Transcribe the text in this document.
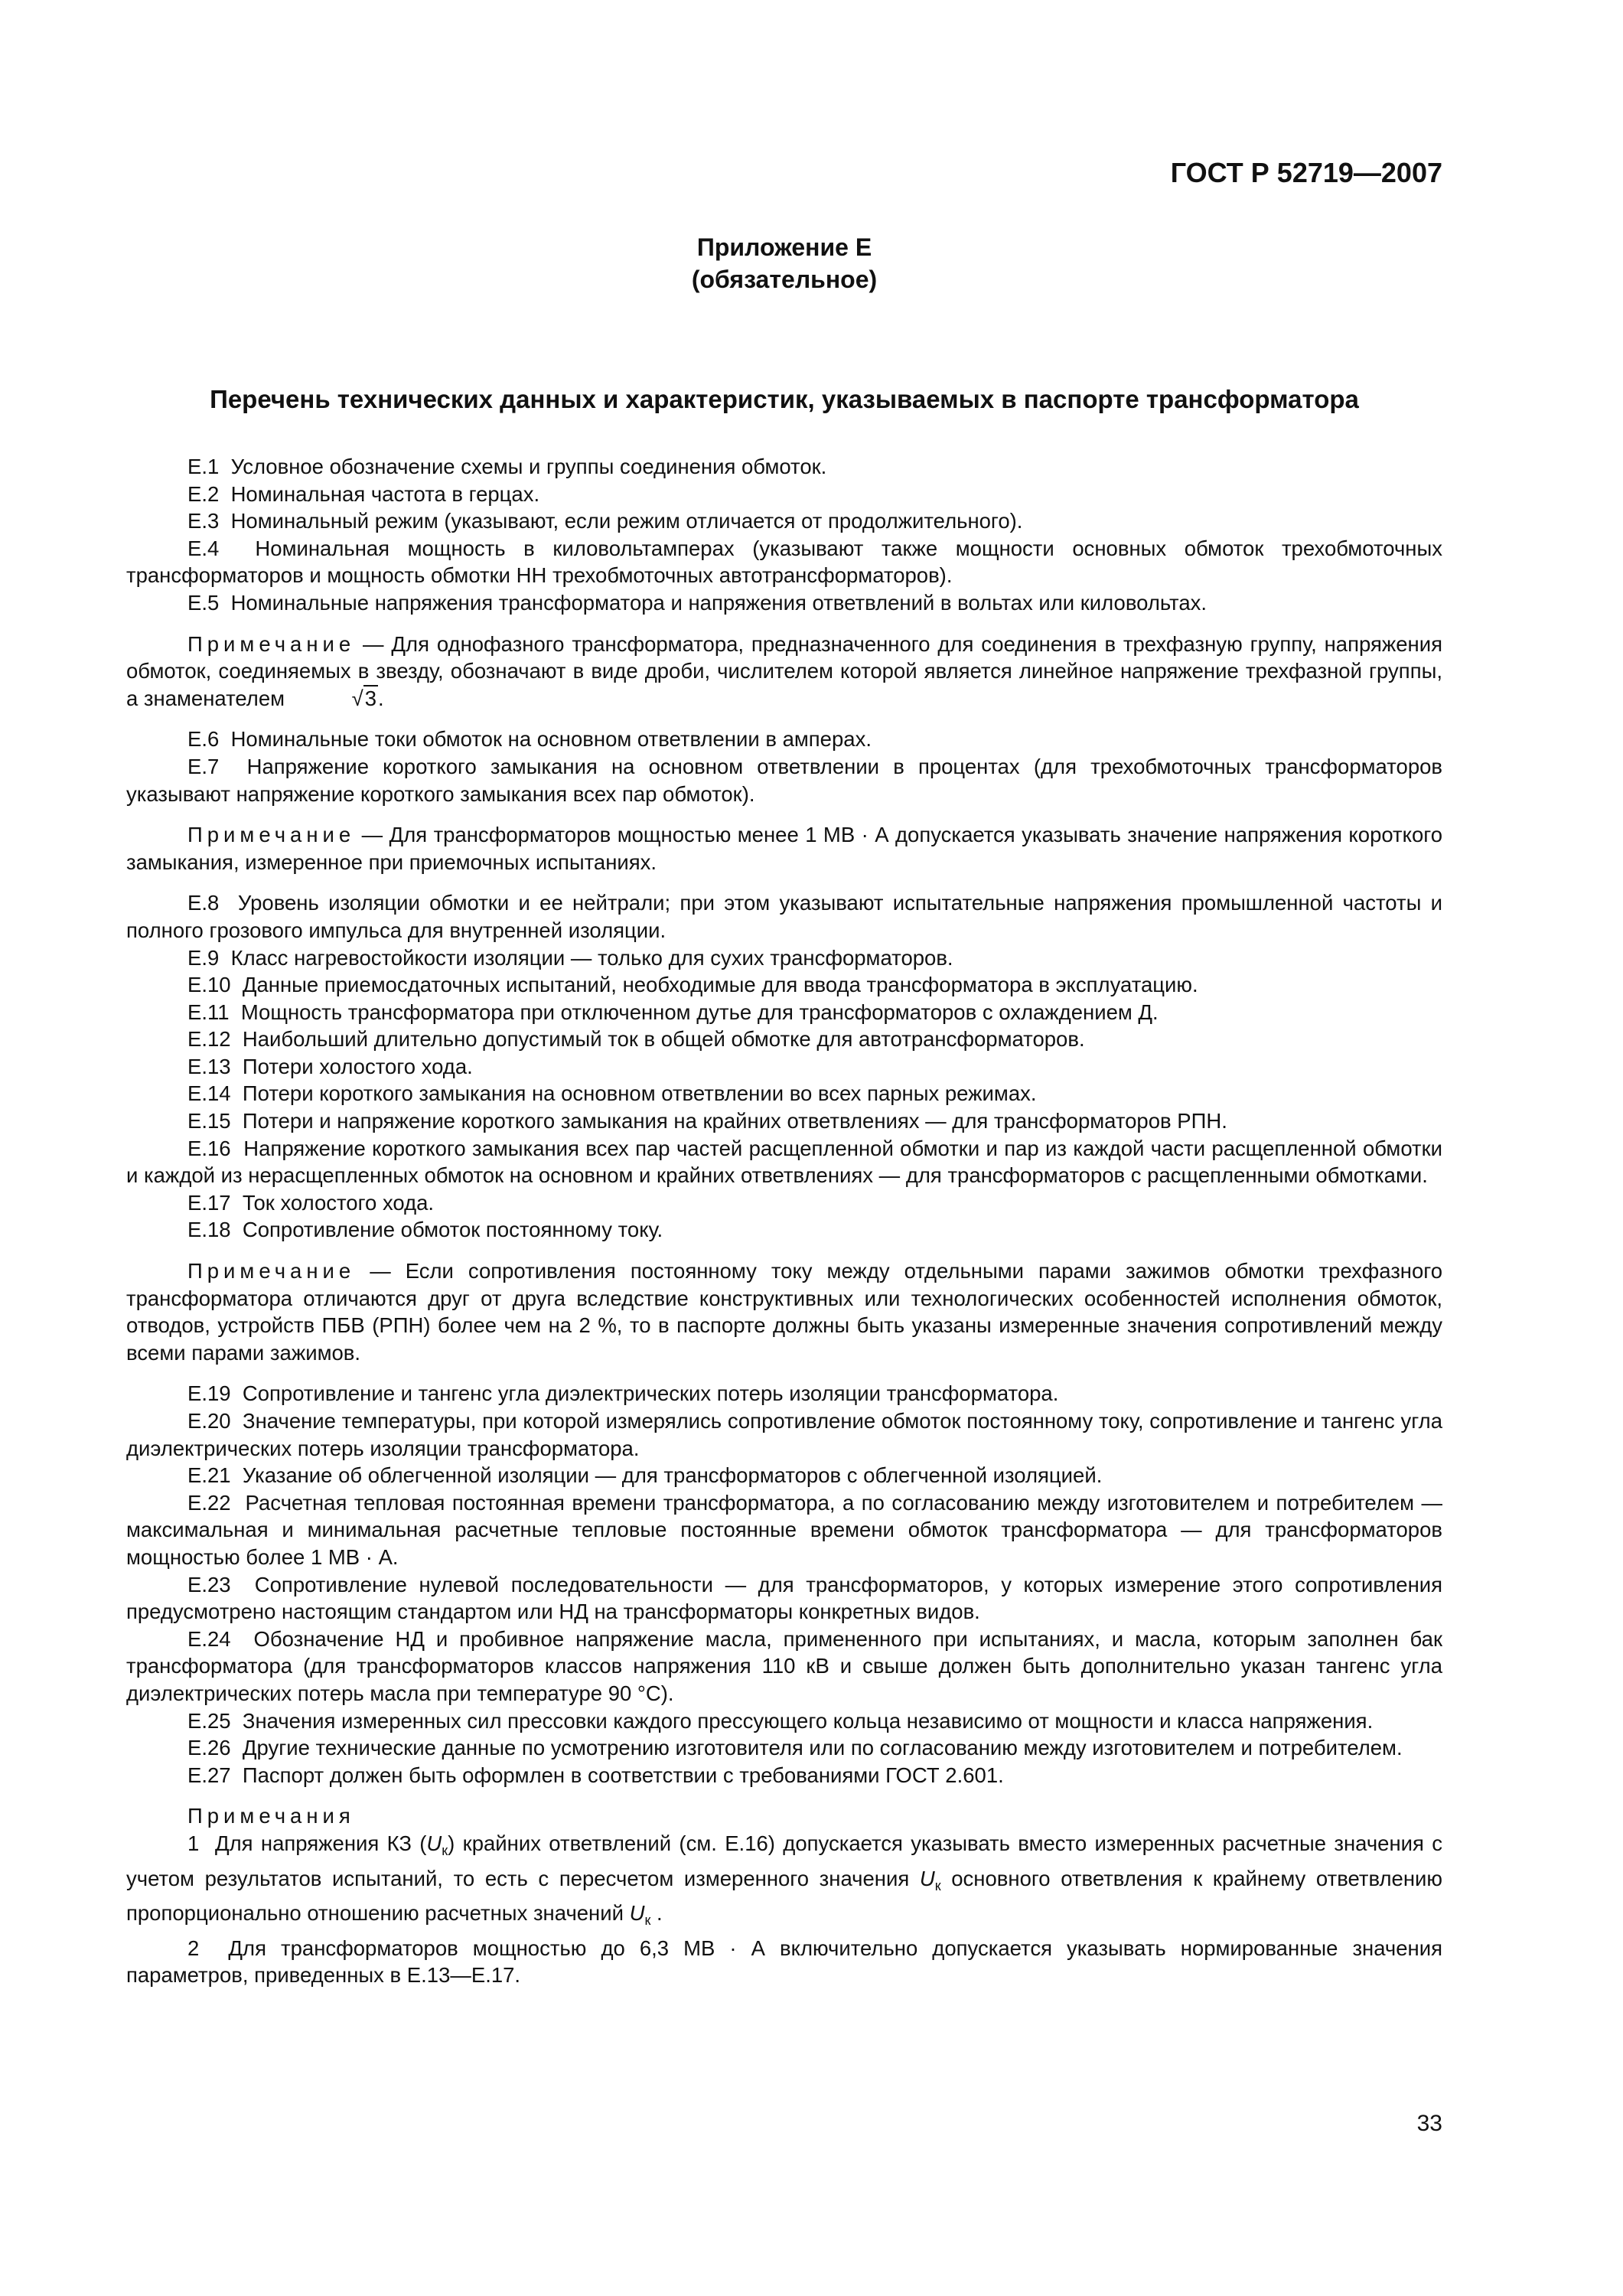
ГОСТ Р 52719—2007
Приложение Е
(обязательное)
Перечень технических данных и характеристик, указываемых в паспорте трансформатора

Е.1 Условное обозначение схемы и группы соединения обмоток.

Е.2 Номинальная частота в герцах.

Е.3 Номинальный режим (указывают, если режим отличается от продолжительного).

Е.4 Номинальная мощность в киловольтамперах (указывают также мощности основных обмоток трехобмоточных трансформаторов и мощность обмотки НН трехобмоточных автотрансформаторов).

Е.5 Номинальные напряжения трансформатора и напряжения ответвлений в вольтах или киловольтах.

Примечание — Для однофазного трансформатора, предназначенного для соединения в трехфазную группу, напряжения обмоток, соединяемых в звезду, обозначают в виде дроби, числителем которой является линейное напряжение трехфазной группы, а знаменателем	√3.

Е.6 Номинальные токи обмоток на основном ответвлении в амперах.

Е.7 Напряжение короткого замыкания на основном ответвлении в процентах (для трехобмоточных трансформаторов указывают напряжение короткого замыкания всех пар обмоток).

Примечание — Для трансформаторов мощностью менее 1 МВ · А допускается указывать значение напряжения короткого замыкания, измеренное при приемочных испытаниях.

Е.8 Уровень изоляции обмотки и ее нейтрали; при этом указывают испытательные напряжения промышленной частоты и полного грозового импульса для внутренней изоляции.

Е.9 Класс нагревостойкости изоляции — только для сухих трансформаторов.

Е.10 Данные приемосдаточных испытаний, необходимые для ввода трансформатора в эксплуатацию.

Е.11 Мощность трансформатора при отключенном дутье для трансформаторов с охлаждением Д.

Е.12 Наибольший длительно допустимый ток в общей обмотке для автотрансформаторов.

Е.13 Потери холостого хода.

Е.14 Потери короткого замыкания на основном ответвлении во всех парных режимах.

Е.15 Потери и напряжение короткого замыкания на крайних ответвлениях — для трансформаторов РПН.

Е.16 Напряжение короткого замыкания всех пар частей расщепленной обмотки и пар из каждой части расщепленной обмотки и каждой из нерасщепленных обмоток на основном и крайних ответвлениях — для трансформаторов с расщепленными обмотками.

Е.17 Ток холостого хода.

Е.18 Сопротивление обмоток постоянному току.

Примечание — Если сопротивления постоянному току между отдельными парами зажимов обмотки трехфазного трансформатора отличаются друг от друга вследствие конструктивных или технологических особенностей исполнения обмоток, отводов, устройств ПБВ (РПН) более чем на 2 %, то в паспорте должны быть указаны измеренные значения сопротивлений между всеми парами зажимов.

Е.19 Сопротивление и тангенс угла диэлектрических потерь изоляции трансформатора.

Е.20 Значение температуры, при которой измерялись сопротивление обмоток постоянному току, сопротивление и тангенс угла диэлектрических потерь изоляции трансформатора.

Е.21 Указание об облегченной изоляции — для трансформаторов с облегченной изоляцией.

Е.22 Расчетная тепловая постоянная времени трансформатора, а по согласованию между изготовителем и потребителем — максимальная и минимальная расчетные тепловые постоянные времени обмоток трансформатора — для трансформаторов мощностью более 1 МВ · А.

Е.23 Сопротивление нулевой последовательности — для трансформаторов, у которых измерение этого сопротивления предусмотрено настоящим стандартом или НД на трансформаторы конкретных видов.

Е.24 Обозначение НД и пробивное напряжение масла, примененного при испытаниях, и масла, которым заполнен бак трансформатора (для трансформаторов классов напряжения 110 кВ и свыше должен быть дополнительно указан тангенс угла диэлектрических потерь масла при температуре 90 °С).

Е.25 Значения измеренных сил прессовки каждого прессующего кольца независимо от мощности и класса напряжения.

Е.26 Другие технические данные по усмотрению изготовителя или по согласованию между изготовителем и потребителем.

Е.27 Паспорт должен быть оформлен в соответствии с требованиями ГОСТ 2.601.

Примечания

1 Для напряжения КЗ $(U_к)$ крайних ответвлений (см. Е.16) допускается указывать вместо измеренных расчетные значения с учетом результатов испытаний, то есть с пересчетом измеренного значения $U_к$ основного ответвления к крайнему ответвлению пропорционально отношению расчетных значений $U_к$ .

2 Для трансформаторов мощностью до 6,3 МВ · А включительно допускается указывать нормированные значения параметров, приведенных в Е.13—Е.17.

33
